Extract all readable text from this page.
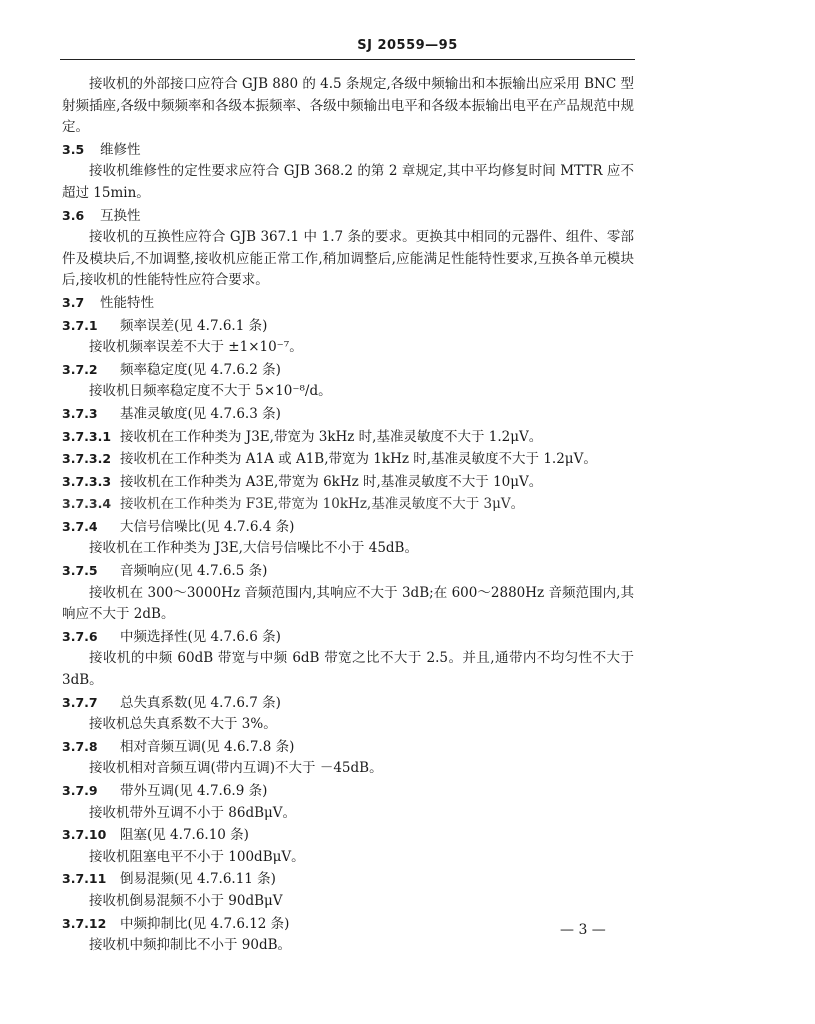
SJ 20559—95

接收机的外部接口应符合 GJB 880 的 4.5 条规定,各级中频输出和本振输出应采用 BNC 型射频插座,各级中频频率和各级本振频率、各级中频输出电平和各级本振输出电平在产品规范中规定。

3.5	维修性

接收机维修性的定性要求应符合 GJB 368.2 的第 2 章规定,其中平均修复时间 MTTR 应不超过 15min。

3.6	互换性

接收机的互换性应符合 GJB 367.1 中 1.7 条的要求。更换其中相同的元器件、组件、零部件及模块后,不加调整,接收机应能正常工作,稍加调整后,应能满足性能特性要求,互换各单元模块后,接收机的性能特性应符合要求。

3.7	性能特性
3.7.1	频率误差(见 4.7.6.1 条)

接收机频率误差不大于 ±1×10⁻⁷。

3.7.2	频率稳定度(见 4.7.6.2 条)

接收机日频率稳定度不大于 5×10⁻⁸/d。

3.7.3	基准灵敏度(见 4.7.6.3 条)
3.7.3.1 接收机在工作种类为 J3E,带宽为 3kHz 时,基准灵敏度不大于 1.2μV。
3.7.3.2 接收机在工作种类为 A1A 或 A1B,带宽为 1kHz 时,基准灵敏度不大于 1.2μV。
3.7.3.3 接收机在工作种类为 A3E,带宽为 6kHz 时,基准灵敏度不大于 10μV。
3.7.3.4 接收机在工作种类为 F3E,带宽为 10kHz,基准灵敏度不大于 3μV。
3.7.4	大信号信噪比(见 4.7.6.4 条)

接收机在工作种类为 J3E,大信号信噪比不小于 45dB。

3.7.5	音频响应(见 4.7.6.5 条)

接收机在 300～3000Hz 音频范围内,其响应不大于 3dB;在 600～2880Hz 音频范围内,其响应不大于 2dB。

3.7.6	中频选择性(见 4.7.6.6 条)

接收机的中频 60dB 带宽与中频 6dB 带宽之比不大于 2.5。并且,通带内不均匀性不大于 3dB。

3.7.7	总失真系数(见 4.7.6.7 条)

接收机总失真系数不大于 3%。

3.7.8	相对音频互调(见 4.6.7.8 条)

接收机相对音频互调(带内互调)不大于 －45dB。

3.7.9	带外互调(见 4.7.6.9 条)

接收机带外互调不小于 86dBμV。

3.7.10	阻塞(见 4.7.6.10 条)

接收机阻塞电平不小于 100dBμV。

3.7.11	倒易混频(见 4.7.6.11 条)

接收机倒易混频不小于 90dBμV

3.7.12	中频抑制比(见 4.7.6.12 条)

接收机中频抑制比不小于 90dB。

— 3 —
